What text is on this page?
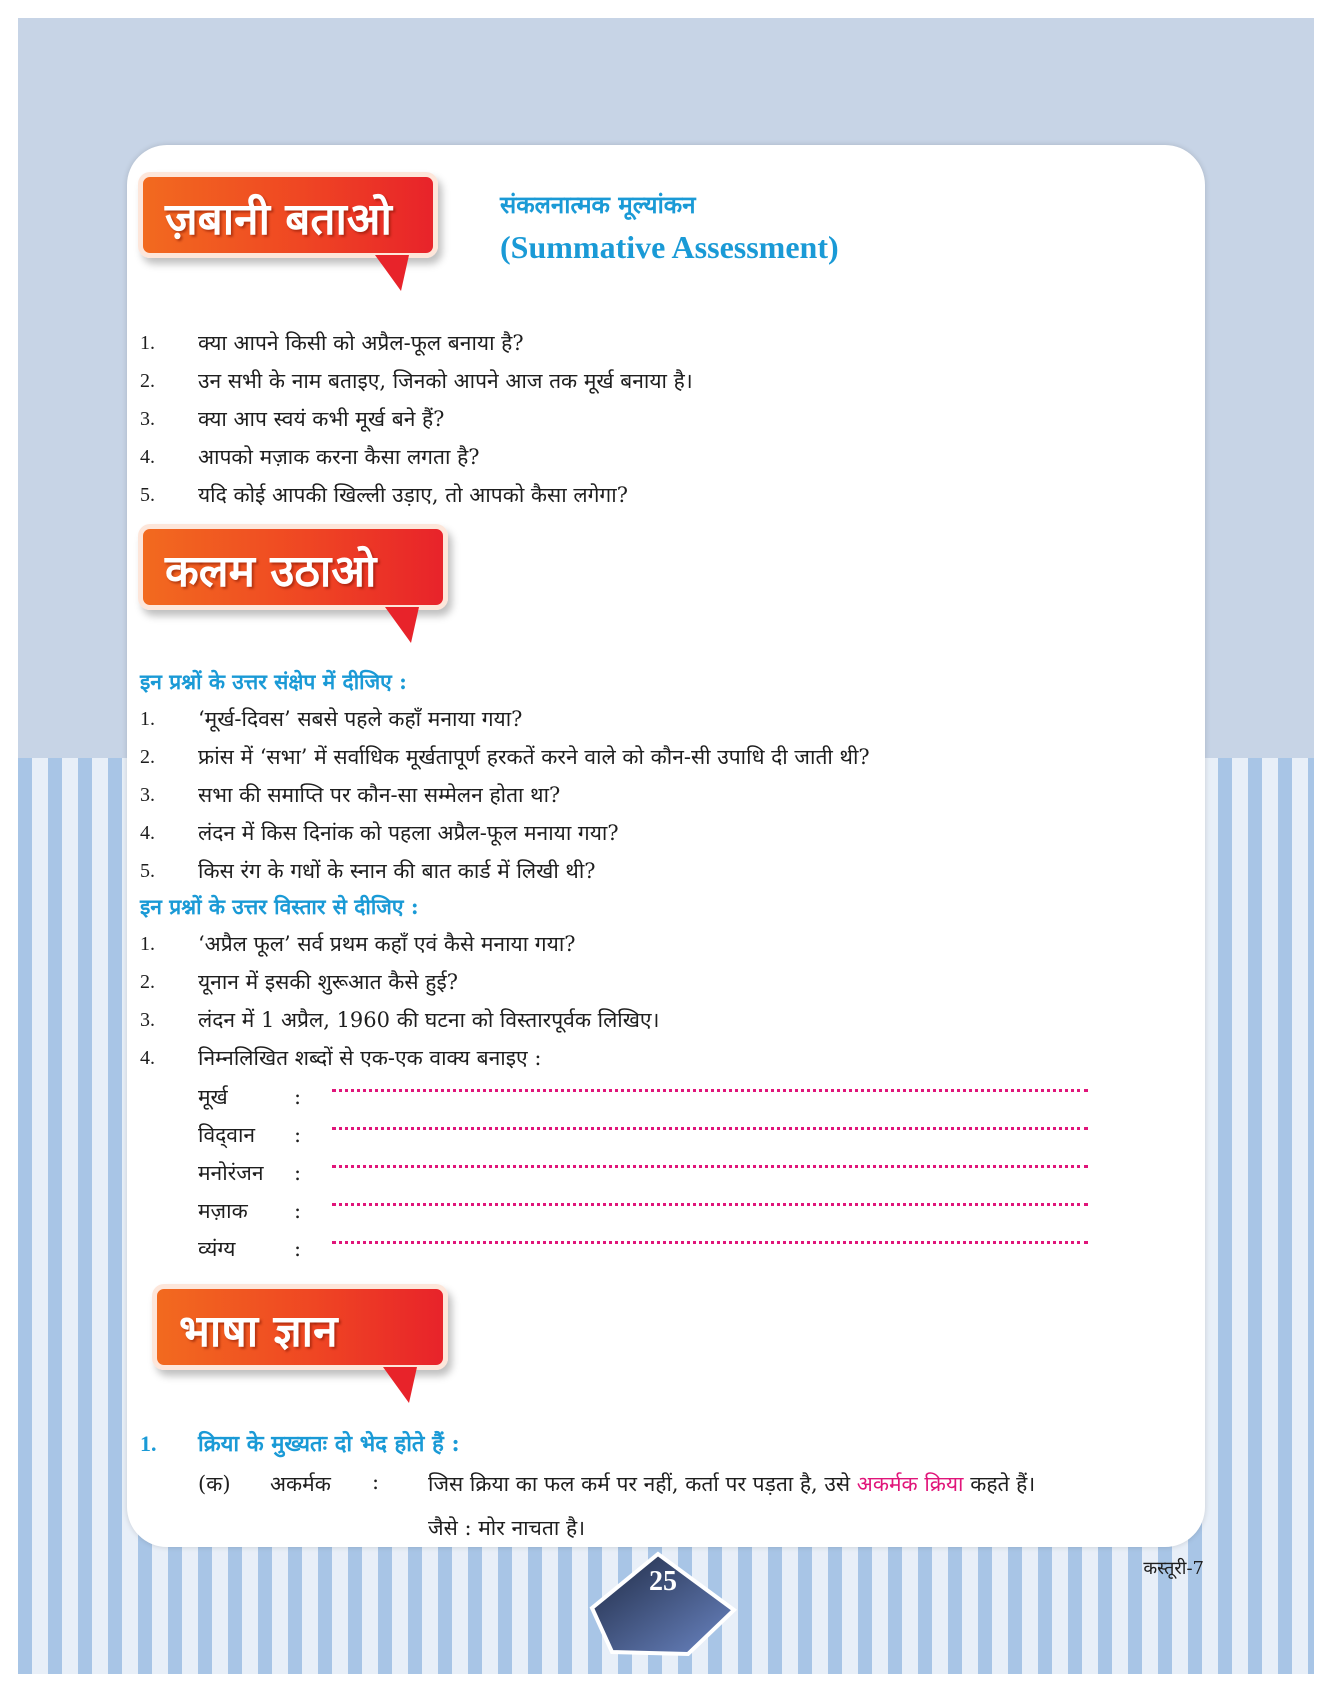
ज़बानी बताओ	संकलनात्मक मूल्यांकन
(Summative Assessment)
1. क्या आपने किसी को अप्रैल-फूल बनाया है?
2. उन सभी के नाम बताइए, जिनको आपने आज तक मूर्ख बनाया है।
3. क्या आप स्वयं कभी मूर्ख बने हैं?
4. आपको मज़ाक करना कैसा लगता है?
5. यदि कोई आपकी खिल्ली उड़ाए, तो आपको कैसा लगेगा?
कलम उठाओ
इन प्रश्नों के उत्तर संक्षेप में दीजिए :
1. ‘मूर्ख-दिवस’ सबसे पहले कहाँ मनाया गया?
2. फ्रांस में ‘सभा’ में सर्वाधिक मूर्खतापूर्ण हरकतें करने वाले को कौन-सी उपाधि दी जाती थी?
3. सभा की समाप्ति पर कौन-सा सम्मेलन होता था?
4. लंदन में किस दिनांक को पहला अप्रैल-फूल मनाया गया?
5. किस रंग के गधों के स्नान की बात कार्ड में लिखी थी?
इन प्रश्नों के उत्तर विस्तार से दीजिए :
1. ‘अप्रैल फूल’ सर्व प्रथम कहाँ एवं कैसे मनाया गया?
2. यूनान में इसकी शुरूआत कैसे हुई?
3. लंदन में 1 अप्रैल, 1960 की घटना को विस्तारपूर्वक लिखिए।
4. निम्नलिखित शब्दों से एक-एक वाक्य बनाइए :
मूर्ख	:
विद्‌वान :
मनोरंजन :
मज़ाक :
व्यंग्य	:
भाषा ज्ञान
1. क्रिया के मुख्यतः दो भेद होते हैं :
(क) अकर्मक : जिस क्रिया का फल कर्म पर नहीं, कर्ता पर पड़ता है, उसे अकर्मक क्रिया कहते हैं।
जैसे : मोर नाचता है।
25	कस्तूरी-7
